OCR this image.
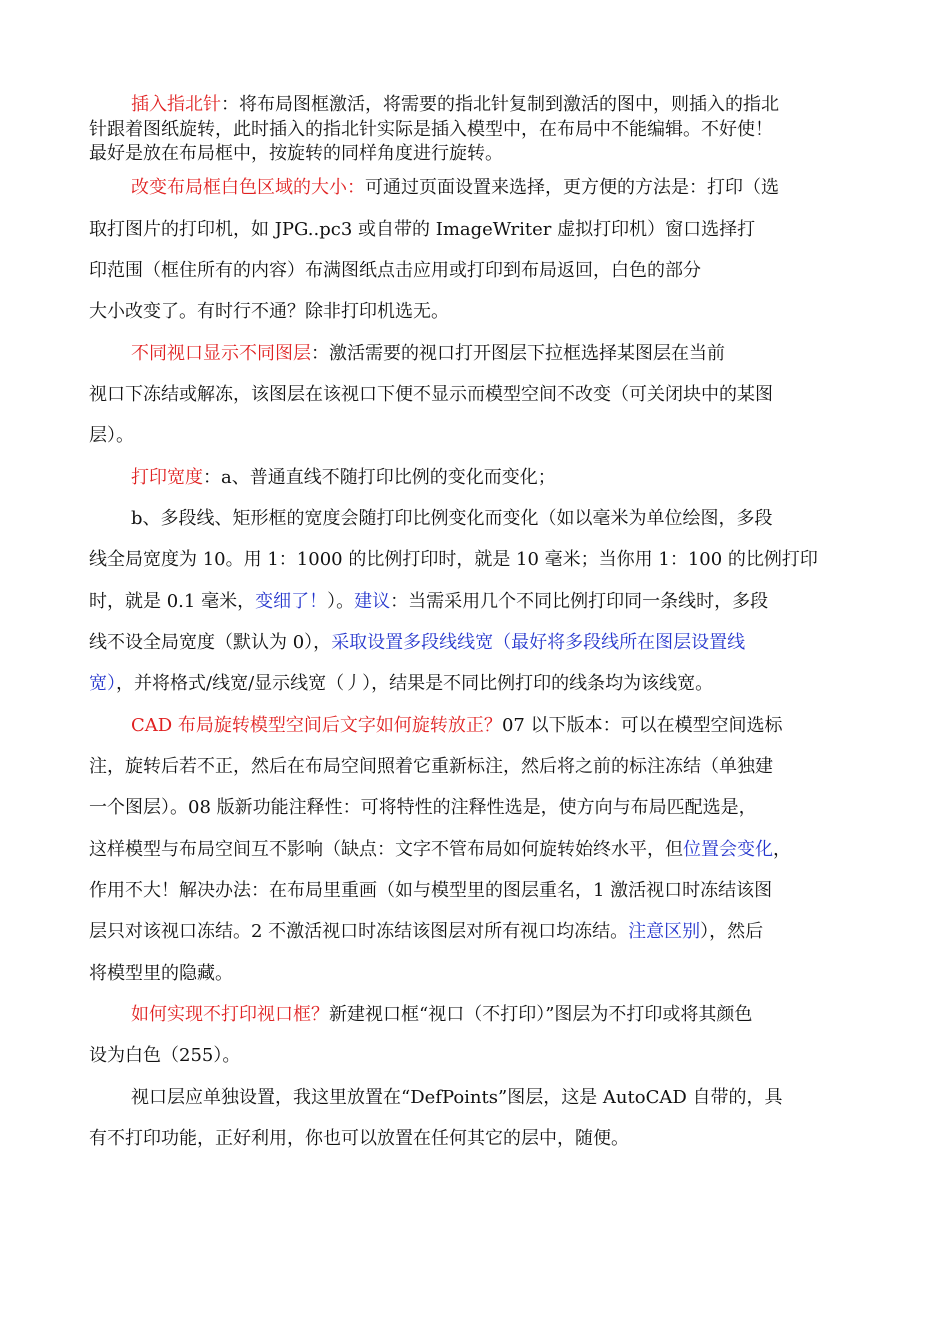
插入指北针：将布局图框激活，将需要的指北针复制到激活的图中，则插入的指北
针跟着图纸旋转，此时插入的指北针实际是插入模型中，在布局中不能编辑。不好使！
最好是放在布局框中，按旋转的同样角度进行旋转。
改变布局框白色区域的大小：可通过页面设置来选择，更方便的方法是：打印（选
取打图片的打印机，如 JPG..pc3 或自带的 ImageWriter 虚拟打印机）窗口选择打
印范围（框住所有的内容）布满图纸点击应用或打印到布局返回，白色的部分
大小改变了。有时行不通？除非打印机选无。
不同视口显示不同图层：激活需要的视口打开图层下拉框选择某图层在当前
视口下冻结或解冻，该图层在该视口下便不显示而模型空间不改变（可关闭块中的某图
层）。
打印宽度：a、普通直线不随打印比例的变化而变化；
b、多段线、矩形框的宽度会随打印比例变化而变化（如以毫米为单位绘图，多段
线全局宽度为 10。用 1：1000 的比例打印时，就是 10 毫米；当你用 1：100 的比例打印
时，就是 0.1 毫米，变细了！）。建议：当需采用几个不同比例打印同一条线时，多段
线不设全局宽度（默认为 0），采取设置多段线线宽（最好将多段线所在图层设置线
宽），并将格式/线宽/显示线宽（丿），结果是不同比例打印的线条均为该线宽。
CAD 布局旋转模型空间后文字如何旋转放正？07 以下版本：可以在模型空间选标
注，旋转后若不正，然后在布局空间照着它重新标注，然后将之前的标注冻结（单独建
一个图层）。08 版新功能注释性：可将特性的注释性选是，使方向与布局匹配选是，
这样模型与布局空间互不影响（缺点：文字不管布局如何旋转始终水平，但位置会变化，
作用不大！解决办法：在布局里重画（如与模型里的图层重名，1 激活视口时冻结该图
层只对该视口冻结。2 不激活视口时冻结该图层对所有视口均冻结。注意区别），然后
将模型里的隐藏。
如何实现不打印视口框？新建视口框“视口（不打印）”图层为不打印或将其颜色
设为白色（255）。
视口层应单独设置，我这里放置在“DefPoints”图层，这是 AutoCAD 自带的，具
有不打印功能，正好利用，你也可以放置在任何其它的层中，随便。
